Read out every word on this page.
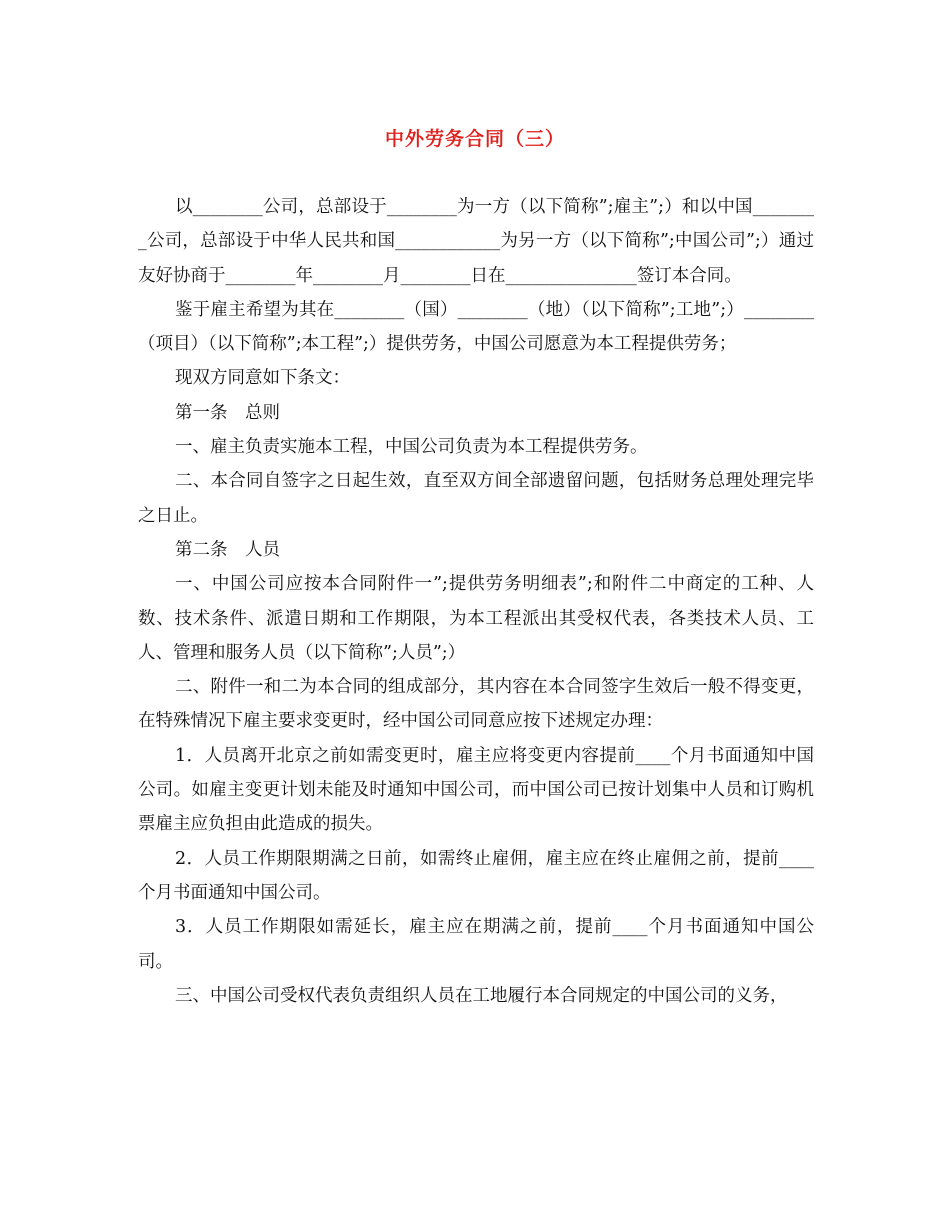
中外劳务合同（三）

以________公司，总部设于________为一方（以下简称”;雇主”;）和以中国________公司，总部设于中华人民共和国____________为另一方（以下简称”;中国公司”;）通过友好协商于________年________月________日在_______________签订本合同。

鉴于雇主希望为其在________（国）________（地）（以下简称”;工地”;）________（项目）（以下简称”;本工程”;）提供劳务，中国公司愿意为本工程提供劳务；

现双方同意如下条文：

第一条　总则

一、雇主负责实施本工程，中国公司负责为本工程提供劳务。

二、本合同自签字之日起生效，直至双方间全部遗留问题，包括财务总理处理完毕之日止。

第二条　人员

一、中国公司应按本合同附件一”;提供劳务明细表”;和附件二中商定的工种、人数、技术条件、派遣日期和工作期限，为本工程派出其受权代表，各类技术人员、工人、管理和服务人员（以下简称”;人员”;）

二、附件一和二为本合同的组成部分，其内容在本合同签字生效后一般不得变更，在特殊情况下雇主要求变更时，经中国公司同意应按下述规定办理：

1．人员离开北京之前如需变更时，雇主应将变更内容提前____个月书面通知中国公司。如雇主变更计划未能及时通知中国公司，而中国公司已按计划集中人员和订购机票雇主应负担由此造成的损失。

2．人员工作期限期满之日前，如需终止雇佣，雇主应在终止雇佣之前，提前____个月书面通知中国公司。

3．人员工作期限如需延长，雇主应在期满之前，提前____个月书面通知中国公司。

三、中国公司受权代表负责组织人员在工地履行本合同规定的中国公司的义务，
